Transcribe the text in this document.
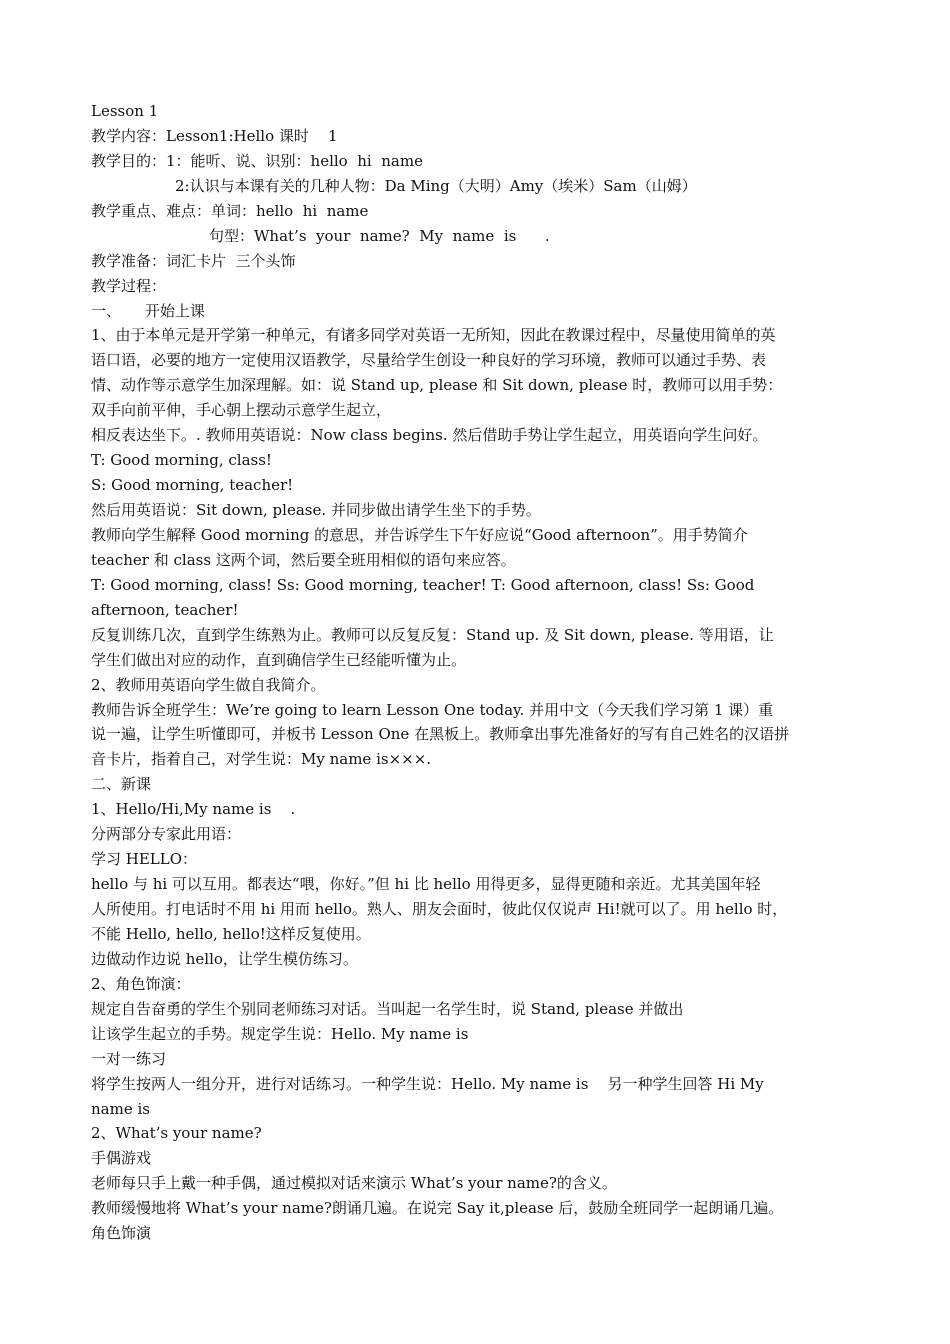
Lesson 1
教学内容：Lesson1:Hello 课时    1
教学目的：1：能听、说、识别：hello  hi  name
2:认识与本课有关的几种人物：Da Ming（大明）Amy（埃米）Sam（山姆）
教学重点、难点：单词：hello  hi  name
句型：What’s  your  name?  My  name  is      .
教学准备：词汇卡片  三个头饰
教学过程：
一、     开始上课
1、由于本单元是开学第一种单元，有诸多同学对英语一无所知，因此在教课过程中，尽量使用简单的英
语口语，必要的地方一定使用汉语教学，尽量给学生创设一种良好的学习环境，教师可以通过手势、表
情、动作等示意学生加深理解。如：说 Stand up, please 和 Sit down, please 时，教师可以用手势：
双手向前平伸，手心朝上摆动示意学生起立，
相反表达坐下。. 教师用英语说：Now class begins. 然后借助手势让学生起立，用英语向学生问好。
T: Good morning, class!
S: Good morning, teacher!
然后用英语说：Sit down, please. 并同步做出请学生坐下的手势。
教师向学生解释 Good morning 的意思，并告诉学生下午好应说“Good afternoon”。用手势简介
teacher 和 class 这两个词，然后要全班用相似的语句来应答。
T: Good morning, class! Ss: Good morning, teacher! T: Good afternoon, class! Ss: Good
afternoon, teacher!
反复训练几次，直到学生练熟为止。教师可以反复反复：Stand up. 及 Sit down, please. 等用语，让
学生们做出对应的动作，直到确信学生已经能听懂为止。
2、教师用英语向学生做自我简介。
教师告诉全班学生：We’re going to learn Lesson One today. 并用中文（今天我们学习第 1 课）重
说一遍，让学生听懂即可，并板书 Lesson One 在黑板上。教师拿出事先准备好的写有自己姓名的汉语拼
音卡片，指着自己，对学生说：My name is×××.
二、新课
1、Hello/Hi,My name is    .
分两部分专家此用语：
学习 HELLO：
hello 与 hi 可以互用。都表达“喂，你好。”但 hi 比 hello 用得更多，显得更随和亲近。尤其美国年轻
人所使用。打电话时不用 hi 用而 hello。熟人、朋友会面时，彼此仅仅说声 Hi!就可以了。用 hello 时，
不能 Hello, hello, hello!这样反复使用。
边做动作边说 hello，让学生模仿练习。
2、角色饰演：
规定自告奋勇的学生个别同老师练习对话。当叫起一名学生时，说 Stand, please 并做出
让该学生起立的手势。规定学生说：Hello. My name is
一对一练习
将学生按两人一组分开，进行对话练习。一种学生说：Hello. My name is    另一种学生回答 Hi My
name is
2、What’s your name?
手偶游戏
老师每只手上戴一种手偶，通过模拟对话来演示 What’s your name?的含义。
教师缓慢地将 What’s your name?朗诵几遍。在说完 Say it,please 后，鼓励全班同学一起朗诵几遍。
角色饰演
